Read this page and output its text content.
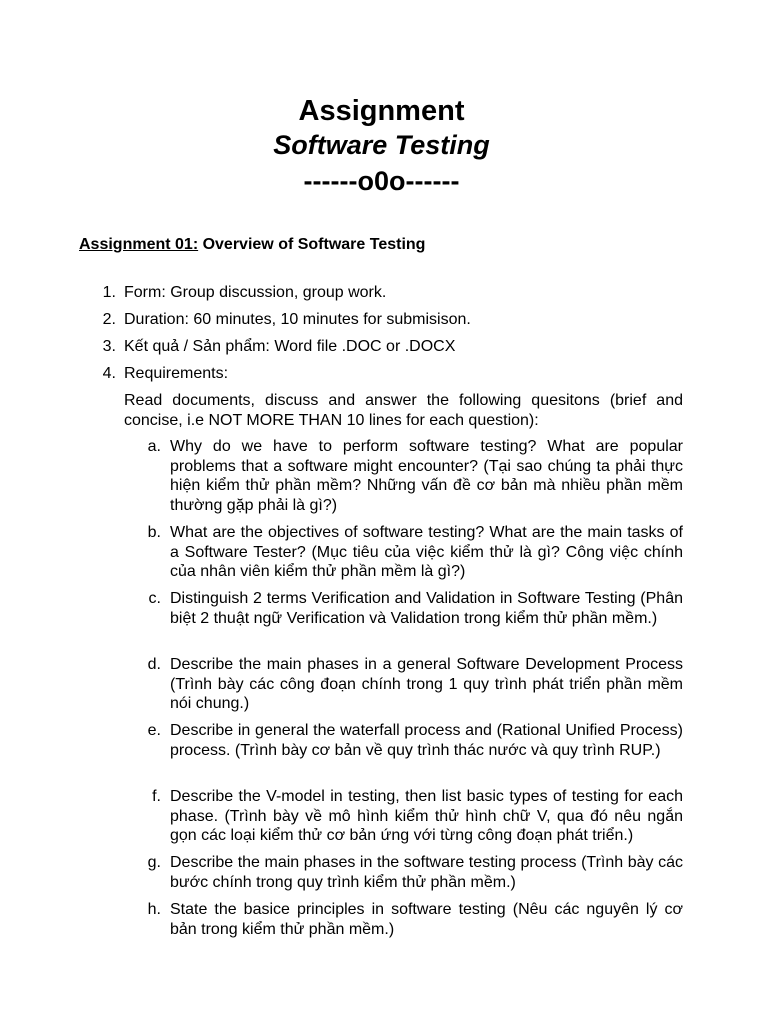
Assignment
Software Testing
------o0o------
Assignment 01: Overview of Software Testing
1. Form: Group discussion, group work.
2. Duration: 60 minutes, 10 minutes for submisison.
3. Kết quả / Sản phẩm: Word file .DOC or .DOCX
4. Requirements:
Read documents, discuss and answer the following quesitons (brief and concise, i.e NOT MORE THAN 10 lines for each question):
a. Why do we have to perform software testing? What are popular problems that a software might encounter? (Tại sao chúng ta phải thực hiện kiểm thử phần mềm? Những vấn đề cơ bản mà nhiều phần mềm thường gặp phải là gì?)
b. What are the objectives of software testing? What are the main tasks of a Software Tester? (Mục tiêu của việc kiểm thử là gì? Công việc chính của nhân viên kiểm thử phần mềm là gì?)
c. Distinguish 2 terms Verification and Validation in Software Testing (Phân biệt 2 thuật ngữ Verification và Validation trong kiểm thử phần mềm.)
d. Describe the main phases in a general Software Development Process (Trình bày các công đoạn chính trong 1 quy trình phát triển phần mềm nói chung.)
e. Describe in general the waterfall process and (Rational Unified Process) process. (Trình bày cơ bản về quy trình thác nước và quy trình RUP.)
f. Describe the V-model in testing, then list basic types of testing for each phase. (Trình bày về mô hình kiểm thử hình chữ V, qua đó nêu ngắn gọn các loại kiểm thử cơ bản ứng với từng công đoạn phát triển.)
g. Describe the main phases in the software testing process (Trình bày các bước chính trong quy trình kiểm thử phần mềm.)
h. State the basice principles in software testing (Nêu các nguyên lý cơ bản trong kiểm thử phần mềm.)
